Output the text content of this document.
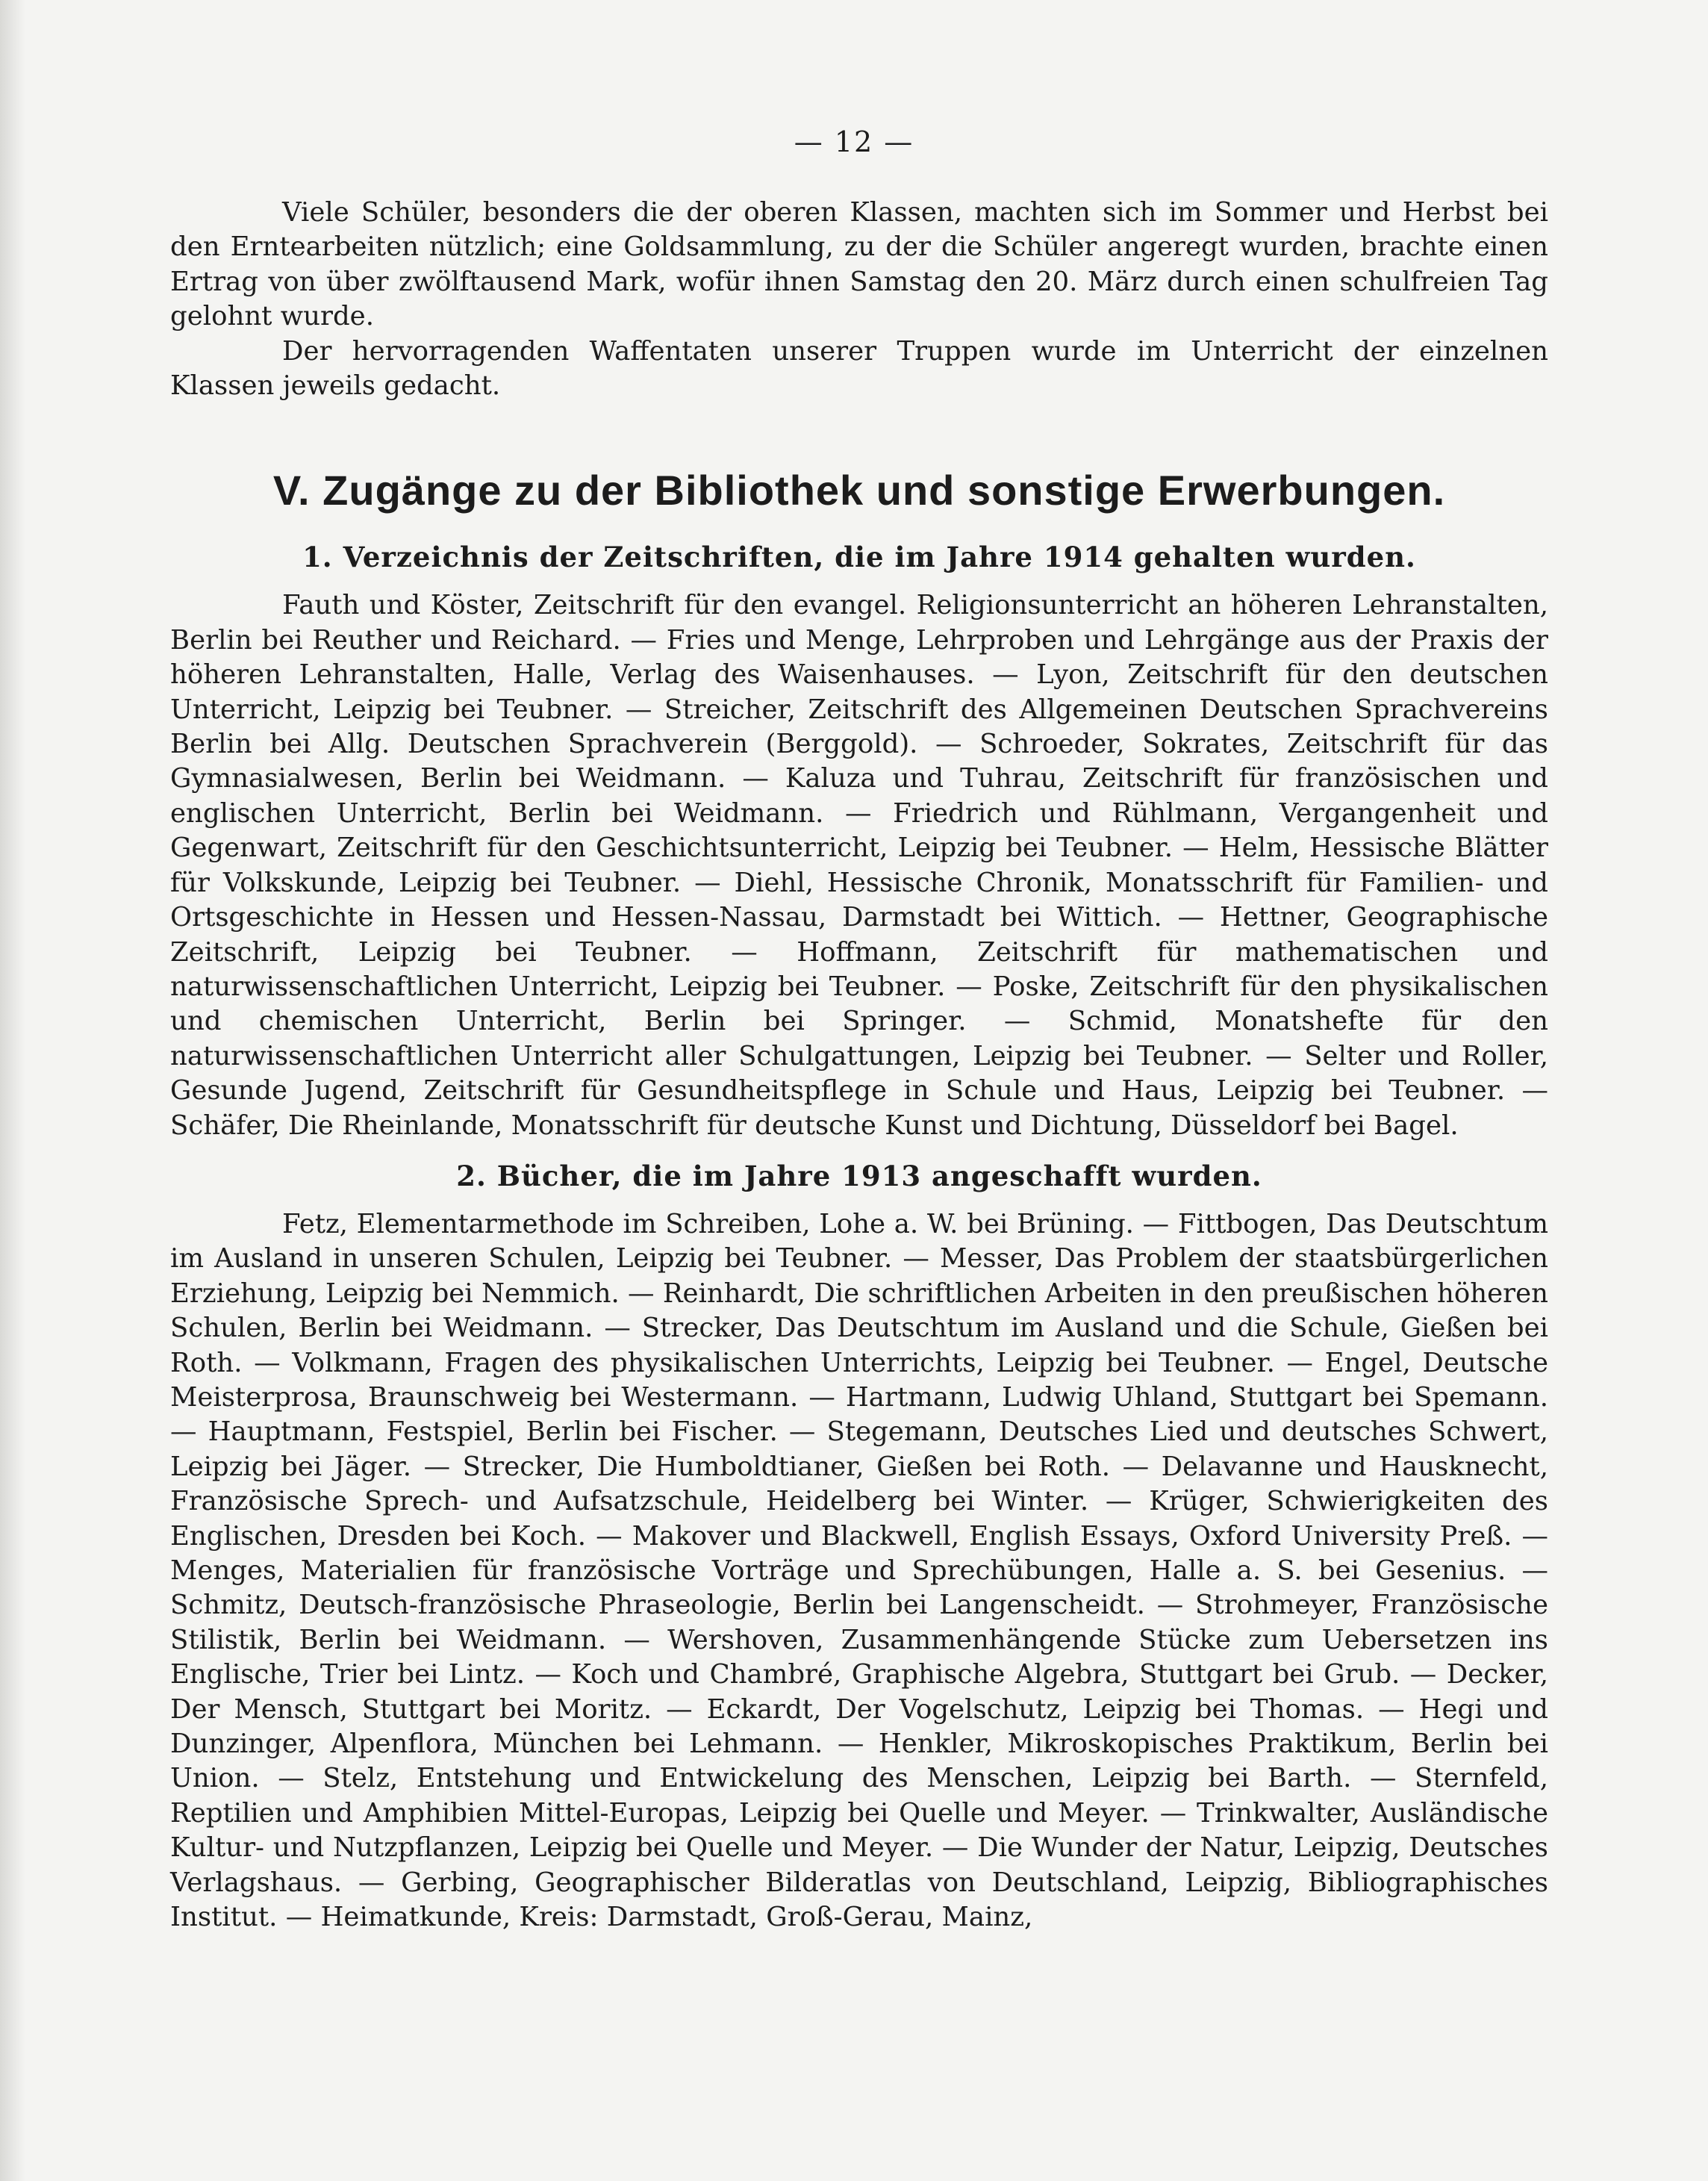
— 12 —

Viele Schüler, besonders die der oberen Klassen, machten sich im Sommer und Herbst bei den Erntearbeiten nützlich; eine Goldsammlung, zu der die Schüler angeregt wurden, brachte einen Ertrag von über zwölftausend Mark, wofür ihnen Samstag den 20. März durch einen schulfreien Tag gelohnt wurde.

Der hervorragenden Waffentaten unserer Truppen wurde im Unterricht der einzelnen Klassen jeweils gedacht.

V. Zugänge zu der Bibliothek und sonstige Erwerbungen.
1. Verzeichnis der Zeitschriften, die im Jahre 1914 gehalten wurden.

Fauth und Köster, Zeitschrift für den evangel. Religionsunterricht an höheren Lehranstalten, Berlin bei Reuther und Reichard. — Fries und Menge, Lehrproben und Lehrgänge aus der Praxis der höheren Lehranstalten, Halle, Verlag des Waisenhauses. — Lyon, Zeitschrift für den deutschen Unterricht, Leipzig bei Teubner. — Streicher, Zeitschrift des Allgemeinen Deutschen Sprachvereins Berlin bei Allg. Deutschen Sprachverein (Berggold). — Schroeder, Sokrates, Zeitschrift für das Gymnasialwesen, Berlin bei Weidmann. — Kaluza und Tuhrau, Zeitschrift für französischen und englischen Unterricht, Berlin bei Weidmann. — Friedrich und Rühlmann, Vergangenheit und Gegenwart, Zeitschrift für den Geschichtsunterricht, Leipzig bei Teubner. — Helm, Hessische Blätter für Volkskunde, Leipzig bei Teubner. — Diehl, Hessische Chronik, Monatsschrift für Familien- und Ortsgeschichte in Hessen und Hessen-Nassau, Darmstadt bei Wittich. — Hettner, Geographische Zeitschrift, Leipzig bei Teubner. — Hoffmann, Zeitschrift für mathematischen und naturwissenschaftlichen Unterricht, Leipzig bei Teubner. — Poske, Zeitschrift für den physikalischen und chemischen Unterricht, Berlin bei Springer. — Schmid, Monatshefte für den naturwissenschaftlichen Unterricht aller Schulgattungen, Leipzig bei Teubner. — Selter und Roller, Gesunde Jugend, Zeitschrift für Gesundheitspflege in Schule und Haus, Leipzig bei Teubner. — Schäfer, Die Rheinlande, Monatsschrift für deutsche Kunst und Dichtung, Düsseldorf bei Bagel.

2. Bücher, die im Jahre 1913 angeschafft wurden.

Fetz, Elementarmethode im Schreiben, Lohe a. W. bei Brüning. — Fittbogen, Das Deutschtum im Ausland in unseren Schulen, Leipzig bei Teubner. — Messer, Das Problem der staatsbürgerlichen Erziehung, Leipzig bei Nemmich. — Reinhardt, Die schriftlichen Arbeiten in den preußischen höheren Schulen, Berlin bei Weidmann. — Strecker, Das Deutschtum im Ausland und die Schule, Gießen bei Roth. — Volkmann, Fragen des physikalischen Unterrichts, Leipzig bei Teubner. — Engel, Deutsche Meisterprosa, Braunschweig bei Westermann. — Hartmann, Ludwig Uhland, Stuttgart bei Spemann. — Hauptmann, Festspiel, Berlin bei Fischer. — Stegemann, Deutsches Lied und deutsches Schwert, Leipzig bei Jäger. — Strecker, Die Humboldtianer, Gießen bei Roth. — Delavanne und Hausknecht, Französische Sprech- und Aufsatzschule, Heidelberg bei Winter. — Krüger, Schwierigkeiten des Englischen, Dresden bei Koch. — Makover und Blackwell, English Essays, Oxford University Preß. — Menges, Materialien für französische Vorträge und Sprechübungen, Halle a. S. bei Gesenius. — Schmitz, Deutsch-französische Phraseologie, Berlin bei Langenscheidt. — Strohmeyer, Französische Stilistik, Berlin bei Weidmann. — Wershoven, Zusammenhängende Stücke zum Uebersetzen ins Englische, Trier bei Lintz. — Koch und Chambré, Graphische Algebra, Stuttgart bei Grub. — Decker, Der Mensch, Stuttgart bei Moritz. — Eckardt, Der Vogelschutz, Leipzig bei Thomas. — Hegi und Dunzinger, Alpenflora, München bei Lehmann. — Henkler, Mikroskopisches Praktikum, Berlin bei Union. — Stelz, Entstehung und Entwickelung des Menschen, Leipzig bei Barth. — Sternfeld, Reptilien und Amphibien Mittel-Europas, Leipzig bei Quelle und Meyer. — Trinkwalter, Ausländische Kultur- und Nutzpflanzen, Leipzig bei Quelle und Meyer. — Die Wunder der Natur, Leipzig, Deutsches Verlagshaus. — Gerbing, Geographischer Bilderatlas von Deutschland, Leipzig, Bibliographisches Institut. — Heimatkunde, Kreis: Darmstadt, Groß-Gerau, Mainz,
